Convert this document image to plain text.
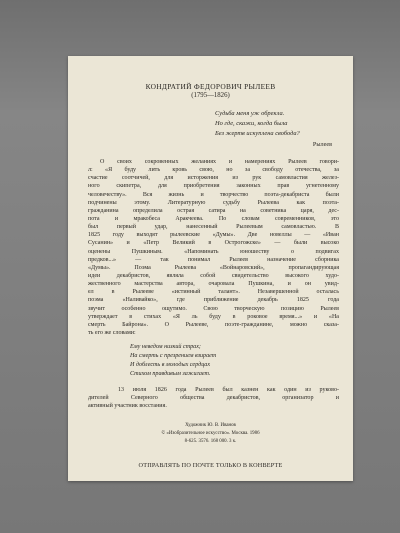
КОНДРАТИЙ ФЕДОРОВИЧ РЫЛЕЕВ
(1795—1826)
Судьба меня уж обрекла.
Но где, скажи, когда была
Без жертв искуплена свобода?
Рылеев
О своих сокровенных желаниях и намерениях Рылеев говори-
л: «Я буду лить кровь свою, но за свободу отечества, за
счастие соотчичей, для исторжения из рук самовластия желез-
ного скипетра, для приобретения законных прав угнетенному
человечеству». Вся жизнь и творчество поэта-декабриста были
подчинены этому. Литературную судьбу Рылеева как поэта-
гражданина определила острая сатира на советника царя, дес-
пота и мракобеса Аракчеева. По словам современников, это
был первый удар, нанесенный Рылеевым самовластью. В
1825 году выходят рылеевские «Думы». Две новеллы — «Иван
Сусанин» и «Петр Великий в Острогожске» — были высоко
оценены Пушкиным. «Напоминать юношеству о подвигах
предков...» — так понимал Рылеев назначение сборника
«Думы». Поэма Рылеева «Войнаровский», пропагандирующая
идеи декабристов, являла собой свидетельство высокого худо-
жественного мастерства автора, очаровала Пушкина, и он увид-
ел в Рылееве «истинный талант». Незавершенной осталась
поэма «Наливайко», где приближение декабрь 1825 года
звучит особенно ощутимо. Свою творческую позицию Рылеев
утверждает в стихах «Я ль буду в роковое время...» и «На
смерть Байрона». О Рылееве, поэте-гражданине, можно сказа-
ть его же словами:
Ему неведом низкий страх;
На смерть с презрением взирает
И доблесть в молодых сердцах
Стихом правдивым зажигает.
13 июля 1826 года Рылеев был казнен как один из руково-
дителей Северного общества декабристов, организатор и
активный участник восстания.
Художник Ю. В. Иванов
© «Изобразительное искусство». Москва. 1986
8-625. 3576. 168 000. 3 к.
ОТПРАВЛЯТЬ ПО ПОЧТЕ ТОЛЬКО В КОНВЕРТЕ
